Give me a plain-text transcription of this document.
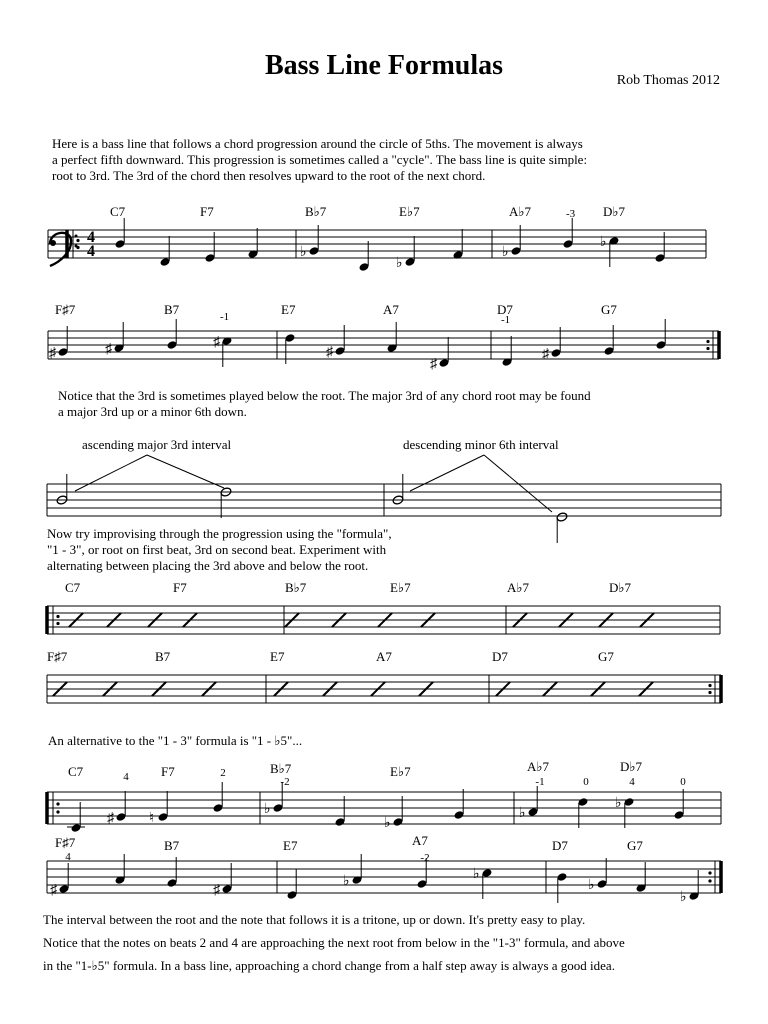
Bass Line Formulas	Rob Thomas 2012
Here is a bass line that follows a chord progression around the circle of 5ths. The movement is always
a perfect fifth downward. This progression is sometimes called a "cycle". The bass line is quite simple:
root to 3rd. The 3rd of the chord then resolves upward to the root of the next chord.
Notice that the 3rd is sometimes played below the root. The major 3rd of any chord root may be found
a major 3rd up or a minor 6th down.
Now try improvising through the progression using the "formula",
"1 - 3", or root on first beat, 3rd on second beat. Experiment with
alternating between placing the 3rd above and below the root.
An alternative to the "1 - 3" formula is "1 - ♭5"...
The interval between the root and the note that follows it is a tritone, up or down. It's pretty easy to play.
Notice that the notes on beats 2 and 4 are approaching the next root from below in the "1-3" formula, and above
in the "1-♭5" formula. In a bass line, approaching a chord change from a half step away is always a good idea.
4
4	♭
♭
♭
♭
C7	F7	B♭7	E♭7	A♭7	D♭7
-3
♯	♯	♯
♯
♯
♯
F♯7	B7	E7	A7	D7	G7
-1	-1
ascending major 3rd interval	descending minor 6th interval
C7	F7	B♭7	E♭7	A♭7	D♭7
F♯7	B7	E7	A7	D7	G7
♯	♮
♭
♭
♭
♭
C7	F7	B♭7	E♭7	A♭7	D♭7
4	2
-2	-1	0	4	0
♯	♯
♭	♭
♭
♭
F♯7	B7	E7	A7	D7	G7
4	-2
